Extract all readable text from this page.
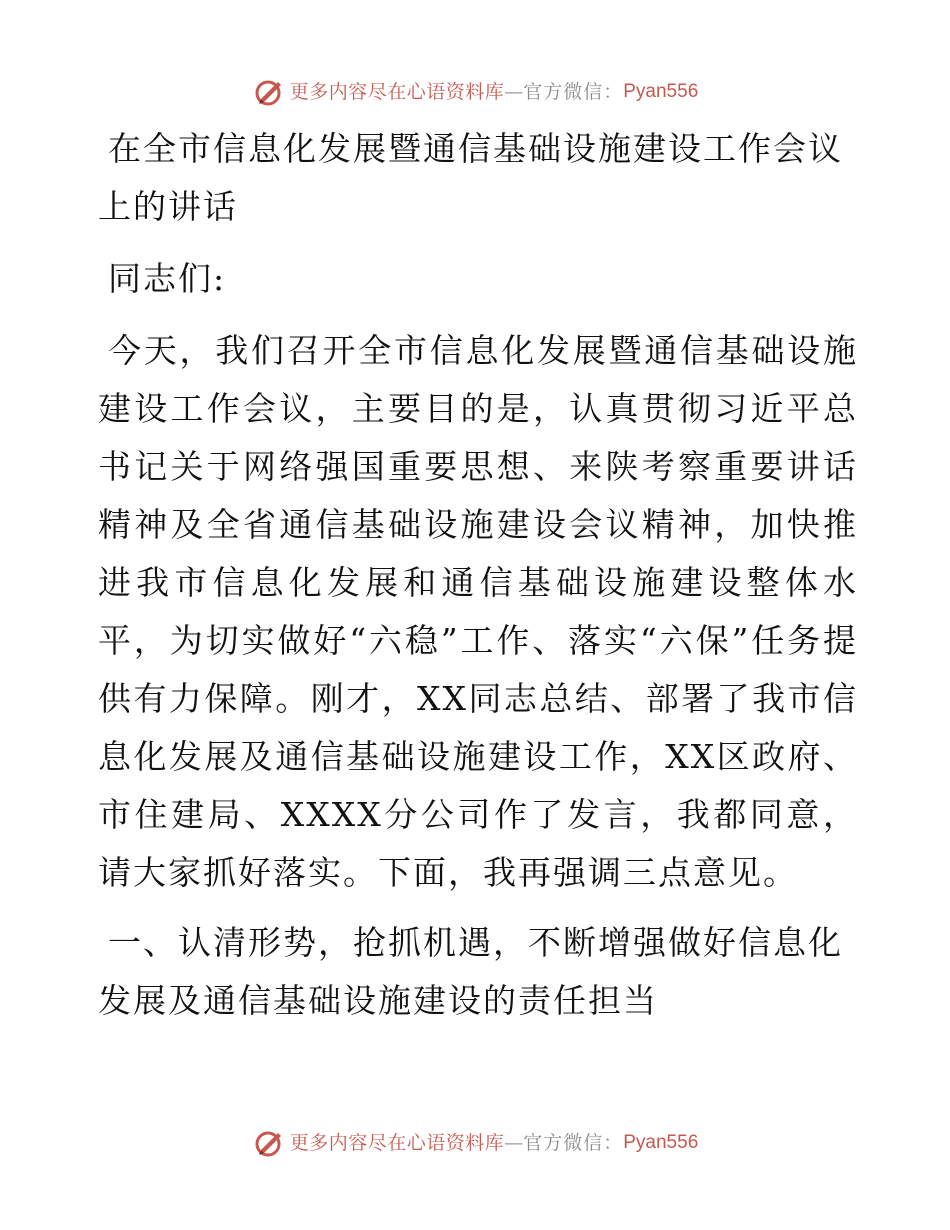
更多内容尽在心语资料库 — 官方微信： Pyan556

在全市信息化发展暨通信基础设施建设工作会议上的讲话

同志们:

今天，我们召开全市信息化发展暨通信基础设施建设工作会议，主要目的是，认真贯彻习近平总书记关于网络强国重要思想、来陕考察重要讲话精神及全省通信基础设施建设会议精神，加快推进我市信息化发展和通信基础设施建设整体水平，为切实做好“六稳”工作、落实“六保”任务提供有力保障。刚才，XX同志总结、部署了我市信息化发展及通信基础设施建设工作，XX区政府、市住建局、XXXX分公司作了发言，我都同意，请大家抓好落实。下面，我再强调三点意见。

一、认清形势，抢抓机遇，不断增强做好信息化发展及通信基础设施建设的责任担当

更多内容尽在心语资料库 — 官方微信： Pyan556
